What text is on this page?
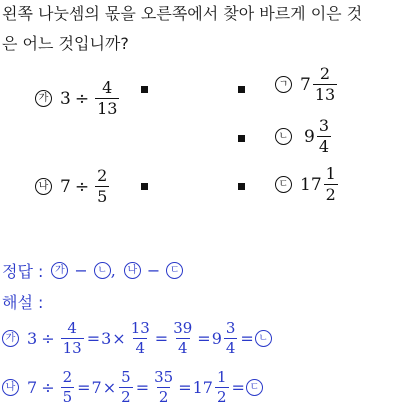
왼쪽 나눗셈의 몫을 오른쪽에서 찾아 바르게 이은 것
은 어느 것입니까?
가 $3 \div \frac{4}{13}$
나 $7 \div \frac{2}{5}$
ㄱ $7 \frac{2}{13}$
ㄴ $9 \frac{3}{4}$
ㄷ $17 \frac{1}{2}$
정답 :	가 − ㄴ ,	나 − ㄷ
해설 :
가 $3 \div \frac{4}{13} = 3 \times \frac{13}{4} = \frac{39}{4} = 9 \frac{3}{4}$ = ㄴ
나 $7 \div \frac{2}{5} = 7 \times \frac{5}{2} = \frac{35}{2} = 17 \frac{1}{2}$ = ㄷ
